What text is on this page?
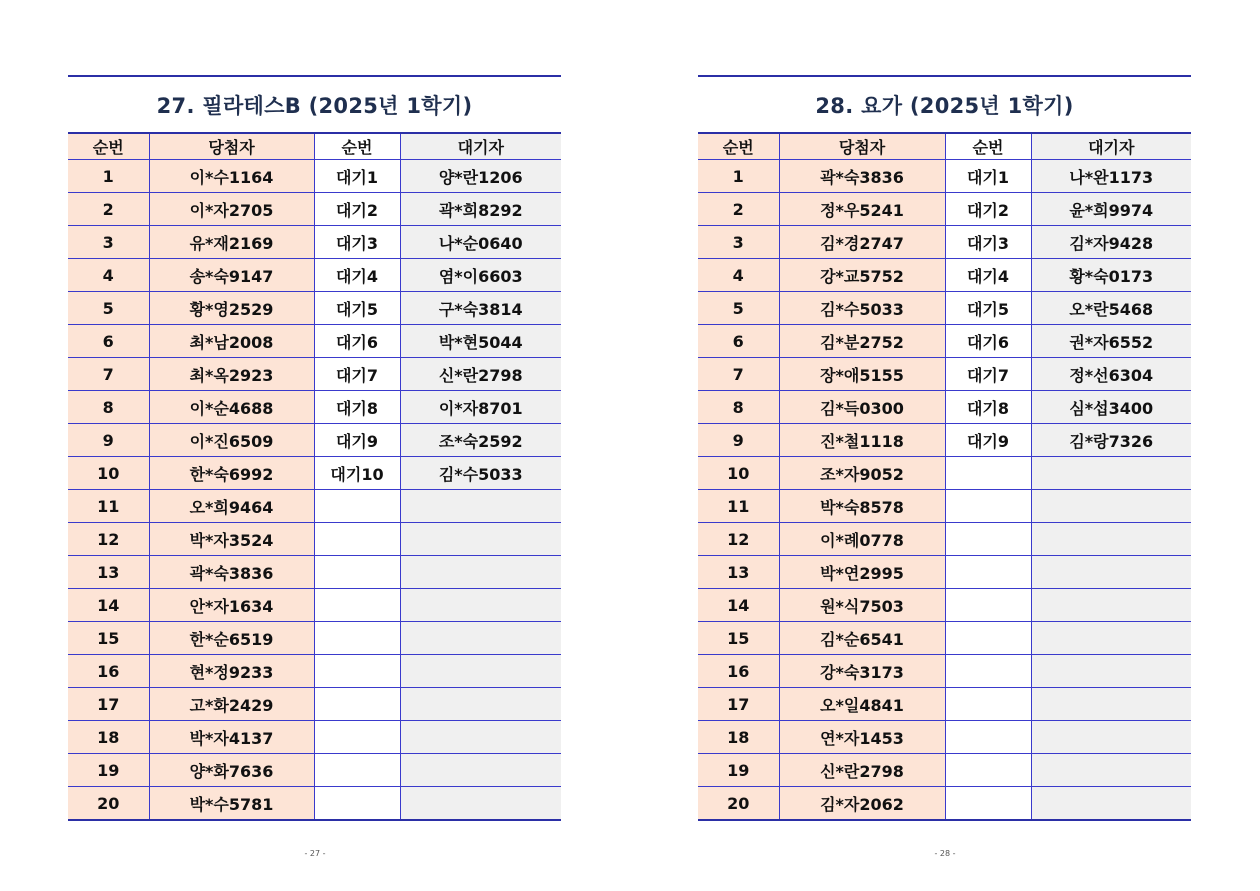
27. 필라테스B (2025년 1학기)
순번	당첨자	순번	대기자
1	이*수1164	대기1	양*란1206
2	이*자2705	대기2	곽*희8292
3	유*재2169	대기3	나*순0640
4	송*숙9147	대기4	염*이6603
5	황*영2529	대기5	구*숙3814
6	최*남2008	대기6	박*현5044
7	최*옥2923	대기7	신*란2798
8	이*순4688	대기8	이*자8701
9	이*진6509	대기9	조*숙2592
10	한*숙6992	대기10	김*수5033
11	오*희9464		
12	박*자3524		
13	곽*숙3836		
14	안*자1634		
15	한*순6519		
16	현*정9233		
17	고*화2429		
18	박*자4137		
19	양*화7636		
20	박*수5781		
28. 요가 (2025년 1학기)
순번	당첨자	순번	대기자
1	곽*숙3836	대기1	나*완1173
2	정*우5241	대기2	윤*희9974
3	김*경2747	대기3	김*자9428
4	강*교5752	대기4	황*숙0173
5	김*수5033	대기5	오*란5468
6	김*분2752	대기6	권*자6552
7	장*애5155	대기7	정*선6304
8	김*득0300	대기8	심*섭3400
9	진*철1118	대기9	김*랑7326
10	조*자9052		
11	박*숙8578		
12	이*례0778		
13	박*연2995		
14	원*식7503		
15	김*순6541		
16	강*숙3173		
17	오*일4841		
18	연*자1453		
19	신*란2798		
20	김*자2062		
- 27 -	- 28 -
